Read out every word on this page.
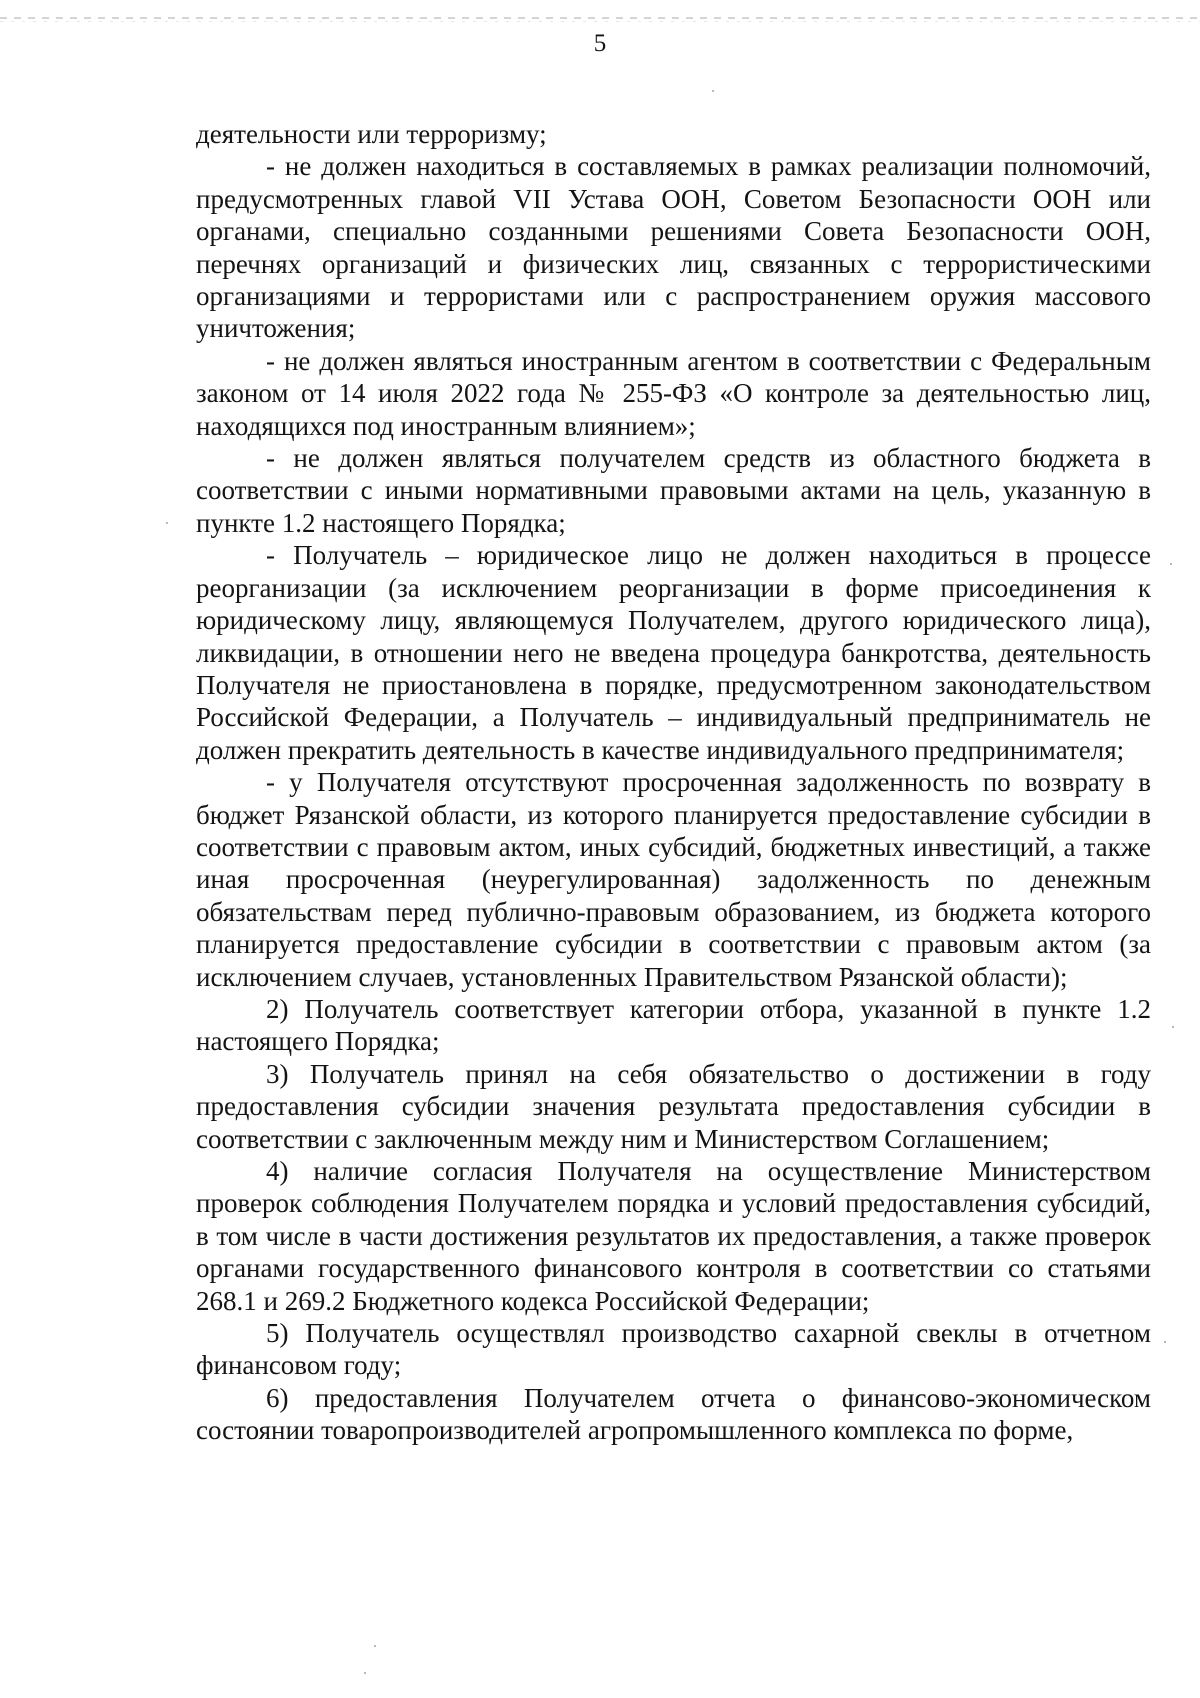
5

деятельности или терроризму;

- не должен находиться в составляемых в рамках реализации полномочий, предусмотренных главой VII Устава ООН, Советом Безопасности ООН или органами, специально созданными решениями Совета Безопасности ООН, перечнях организаций и физических лиц, связанных с террористическими организациями и террористами или с распространением оружия массового уничтожения;

- не должен являться иностранным агентом в соответствии с Федеральным законом от 14 июля 2022 года № 255-ФЗ «О контроле за деятельностью лиц, находящихся под иностранным влиянием»;

- не должен являться получателем средств из областного бюджета в соответствии с иными нормативными правовыми актами на цель, указанную в пункте 1.2 настоящего Порядка;

- Получатель – юридическое лицо не должен находиться в процессе реорганизации (за исключением реорганизации в форме присоединения к юридическому лицу, являющемуся Получателем, другого юридического лица), ликвидации, в отношении него не введена процедура банкротства, деятельность Получателя не приостановлена в порядке, предусмотренном законодательством Российской Федерации, а Получатель – индивидуальный предприниматель не должен прекратить деятельность в качестве индивидуального предпринимателя;

- у Получателя отсутствуют просроченная задолженность по возврату в бюджет Рязанской области, из которого планируется предоставление субсидии в соответствии с правовым актом, иных субсидий, бюджетных инвестиций, а также иная просроченная (неурегулированная) задолженность по денежным обязательствам перед публично-правовым образованием, из бюджета которого планируется предоставление субсидии в соответствии с правовым актом (за исключением случаев, установленных Правительством Рязанской области);

2) Получатель соответствует категории отбора, указанной в пункте 1.2 настоящего Порядка;

3) Получатель принял на себя обязательство о достижении в году предоставления субсидии значения результата предоставления субсидии в соответствии с заключенным между ним и Министерством Соглашением;

4) наличие согласия Получателя на осуществление Министерством проверок соблюдения Получателем порядка и условий предоставления субсидий, в том числе в части достижения результатов их предоставления, а также проверок органами государственного финансового контроля в соответствии со статьями 268.1 и 269.2 Бюджетного кодекса Российской Федерации;

5) Получатель осуществлял производство сахарной свеклы в отчетном финансовом году;

6) предоставления Получателем отчета о финансово-экономическом состоянии товаропроизводителей агропромышленного комплекса по форме,
